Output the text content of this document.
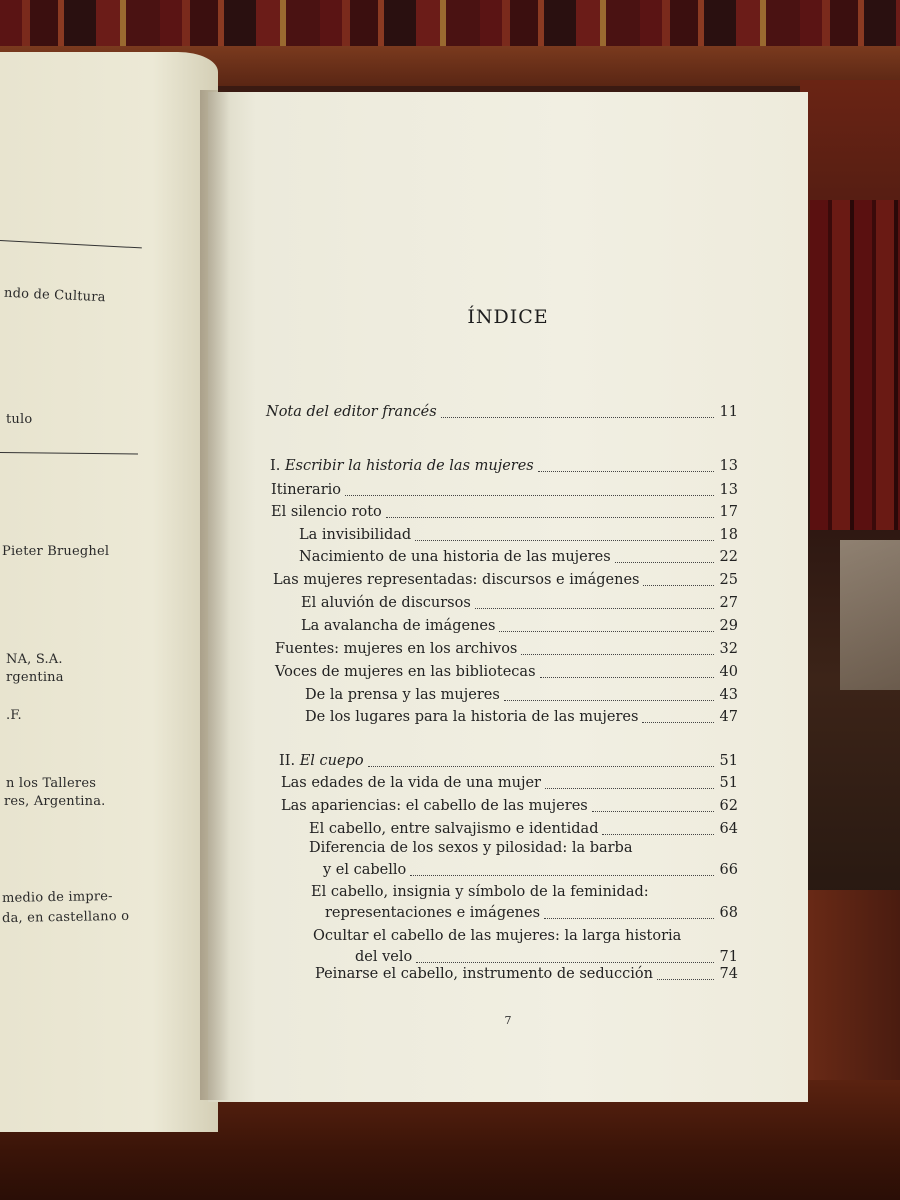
ndo de Cultura
tulo
Pieter Brueghel
NA, S.A.
rgentina
.F.
n los Talleres
res, Argentina.
medio de impre-
da, en castellano o
ÍNDICE
Nota del editor francés	11
I. Escribir la historia de las mujeres	13
Itinerario	13
El silencio roto	17
La invisibilidad	18
Nacimiento de una historia de las mujeres	22
Las mujeres representadas: discursos e imágenes	25
El aluvión de discursos	27
La avalancha de imágenes	29
Fuentes: mujeres en los archivos	32
Voces de mujeres en las bibliotecas	40
De la prensa y las mujeres	43
De los lugares para la historia de las mujeres	47
II. El cuepo	51
Las edades de la vida de una mujer	51
Las apariencias: el cabello de las mujeres	62
El cabello, entre salvajismo e identidad	64
Diferencia de los sexos y pilosidad: la barba
y el cabello	66
El cabello, insignia y símbolo de la feminidad:
representaciones e imágenes	68
Ocultar el cabello de las mujeres: la larga historia
del velo	71
Peinarse el cabello, instrumento de seducción	74
7
